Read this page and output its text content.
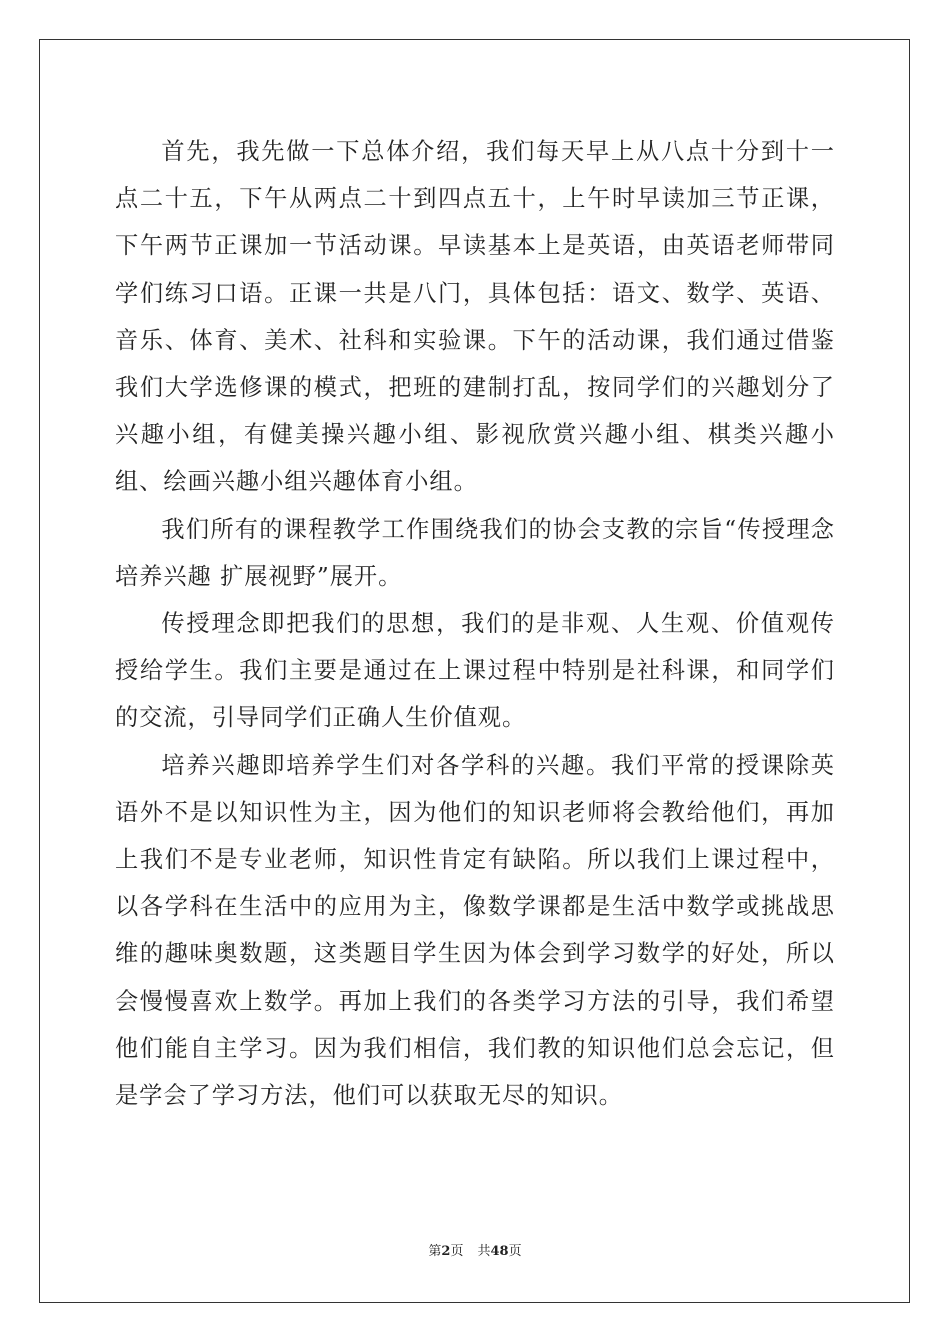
首先，我先做一下总体介绍，我们每天早上从八点十分到十一点二十五，下午从两点二十到四点五十，上午时早读加三节正课，下午两节正课加一节活动课。早读基本上是英语，由英语老师带同学们练习口语。正课一共是八门，具体包括：语文、数学、英语、音乐、体育、美术、社科和实验课。下午的活动课，我们通过借鉴我们大学选修课的模式，把班的建制打乱，按同学们的兴趣划分了兴趣小组，有健美操兴趣小组、影视欣赏兴趣小组、棋类兴趣小组、绘画兴趣小组兴趣体育小组。

我们所有的课程教学工作围绕我们的协会支教的宗旨“传授理念培养兴趣 扩展视野”展开。

传授理念即把我们的思想，我们的是非观、人生观、价值观传授给学生。我们主要是通过在上课过程中特别是社科课，和同学们的交流，引导同学们正确人生价值观。

培养兴趣即培养学生们对各学科的兴趣。我们平常的授课除英语外不是以知识性为主，因为他们的知识老师将会教给他们，再加上我们不是专业老师，知识性肯定有缺陷。所以我们上课过程中，以各学科在生活中的应用为主，像数学课都是生活中数学或挑战思维的趣味奥数题，这类题目学生因为体会到学习数学的好处，所以会慢慢喜欢上数学。再加上我们的各类学习方法的引导，我们希望他们能自主学习。因为我们相信，我们教的知识他们总会忘记，但是学会了学习方法，他们可以获取无尽的知识。

第2页 共48页
